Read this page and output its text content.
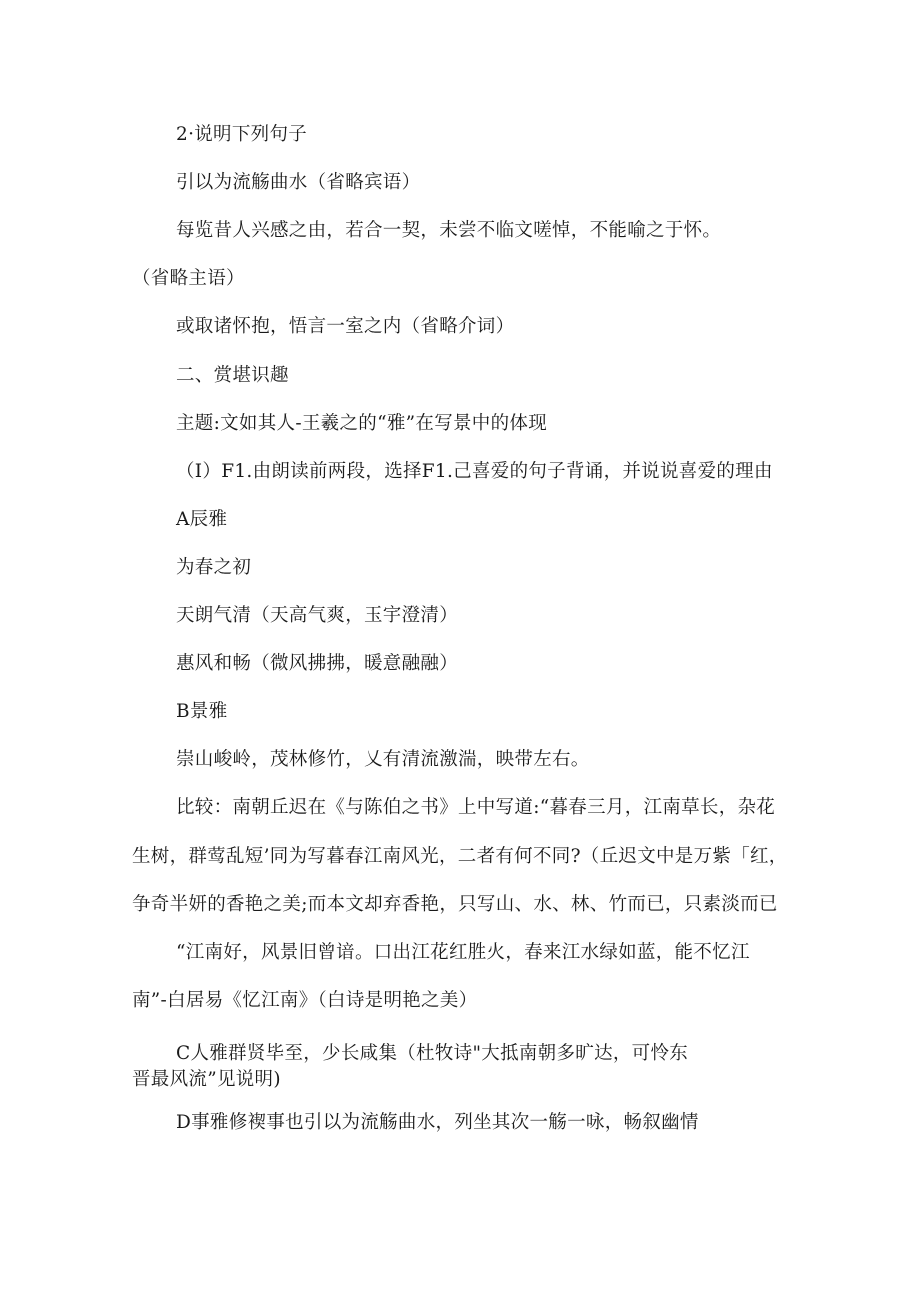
2·说明下列句子
引以为流觞曲水（省略宾语）
每览昔人兴感之由，若合一契，未尝不临文嗟悼，不能喻之于怀。
（省略主语）
或取诸怀抱，悟言一室之内（省略介词）
二、赏堪识趣
主题:文如其人-王羲之的“雅”在写景中的体现
（I）F1.由朗读前两段，选择F1.己喜爱的句子背诵，并说说喜爱的理由
A辰雅
为春之初
天朗气清（天高气爽，玉宇澄清）
惠风和畅（微风拂拂，暖意融融）
B景雅
崇山峻岭，茂林修竹，乂有清流激湍，映带左右。
比较：南朝丘迟在《与陈伯之书》上中写道:“暮春三月，江南草长，杂花
生树，群莺乱短’同为写暮春江南风光，二者有何不同?（丘迟文中是万紫「红，
争奇半妍的香艳之美;而本文却弃香艳，只写山、水、林、竹而已，只素淡而已
“江南好，风景旧曾谙。口出江花红胜火，春来江水绿如蓝，能不忆江
南”-白居易《忆江南》（白诗是明艳之美）
C人雅群贤毕至，少长咸集（杜牧诗"大抵南朝多旷达，可怜东
晋最风流”见说明)
D事雅修褉事也引以为流觞曲水，列坐其次一觞一咏，畅叙幽情
